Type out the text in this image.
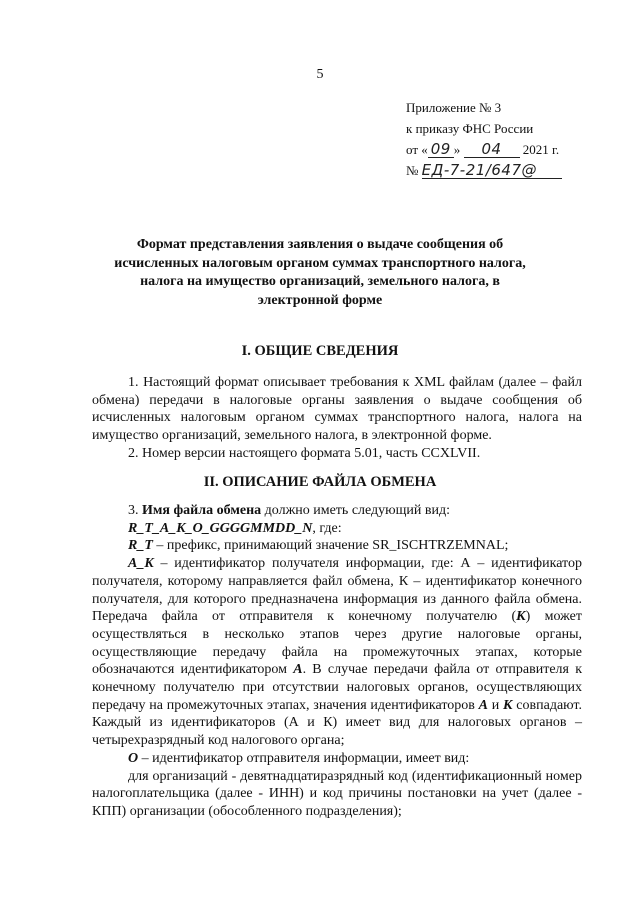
5
Приложение № 3
к приказу ФНС России
от « 09 » 04 2021 г.
№ ЕД-7-21/647@
Формат представления заявления о выдаче сообщения об исчисленных налоговым органом суммах транспортного налога, налога на имущество организаций, земельного налога, в электронной форме
I. ОБЩИЕ СВЕДЕНИЯ

1. Настоящий формат описывает требования к XML файлам (далее – файл обмена) передачи в налоговые органы заявления о выдаче сообщения об исчисленных налоговым органом суммах транспортного налога, налога на имущество организаций, земельного налога, в электронной форме.

2. Номер версии настоящего формата 5.01, часть CCXLVII.

II. ОПИСАНИЕ ФАЙЛА ОБМЕНА

3. Имя файла обмена должно иметь следующий вид:

R_T_A_K_O_GGGGMMDD_N, где:

R_T – префикс, принимающий значение SR_ISCHTRZEMNAL;

A_K – идентификатор получателя информации, где: А – идентификатор получателя, которому направляется файл обмена, К – идентификатор конечного получателя, для которого предназначена информация из данного файла обмена. Передача файла от отправителя к конечному получателю (К) может осуществляться в несколько этапов через другие налоговые органы, осуществляющие передачу файла на промежуточных этапах, которые обозначаются идентификатором А. В случае передачи файла от отправителя к конечному получателю при отсутствии налоговых органов, осуществляющих передачу на промежуточных этапах, значения идентификаторов А и К совпадают. Каждый из идентификаторов (А и К) имеет вид для налоговых органов – четырехразрядный код налогового органа;

O – идентификатор отправителя информации, имеет вид:

для организаций - девятнадцатиразрядный код (идентификационный номер налогоплательщика (далее - ИНН) и код причины постановки на учет (далее - КПП) организации (обособленного подразделения);
